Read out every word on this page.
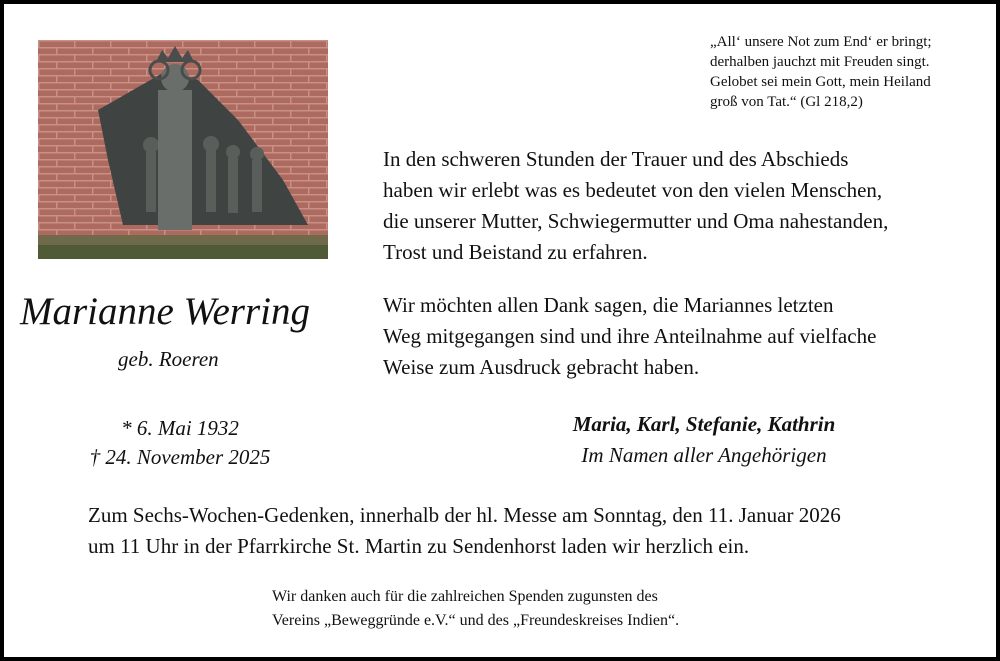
„All‘ unsere Not zum End‘ er bringt;
derhalben jauchzt mit Freuden singt.
Gelobet sei mein Gott, mein Heiland
groß von Tat.“ (Gl 218,2)
In den schweren Stunden der Trauer und des Abschieds
haben wir erlebt was es bedeutet von den vielen Menschen,
die unserer Mutter, Schwiegermutter und Oma nahestanden,
Trost und Beistand zu erfahren.
Wir möchten allen Dank sagen, die Mariannes letzten
Weg mitgegangen sind und ihre Anteilnahme auf vielfache
Weise zum Ausdruck gebracht haben.
Marianne Werring
geb. Roeren
* 6. Mai 1932
† 24. November 2025
Maria, Karl, Stefanie, Kathrin
Im Namen aller Angehörigen
Zum Sechs-Wochen-Gedenken, innerhalb der hl. Messe am Sonntag, den 11. Januar 2026
um 11 Uhr in der Pfarrkirche St. Martin zu Sendenhorst laden wir herzlich ein.
Wir danken auch für die zahlreichen Spenden zugunsten des
Vereins „Beweggründe e.V.“ und des „Freundeskreises Indien“.
